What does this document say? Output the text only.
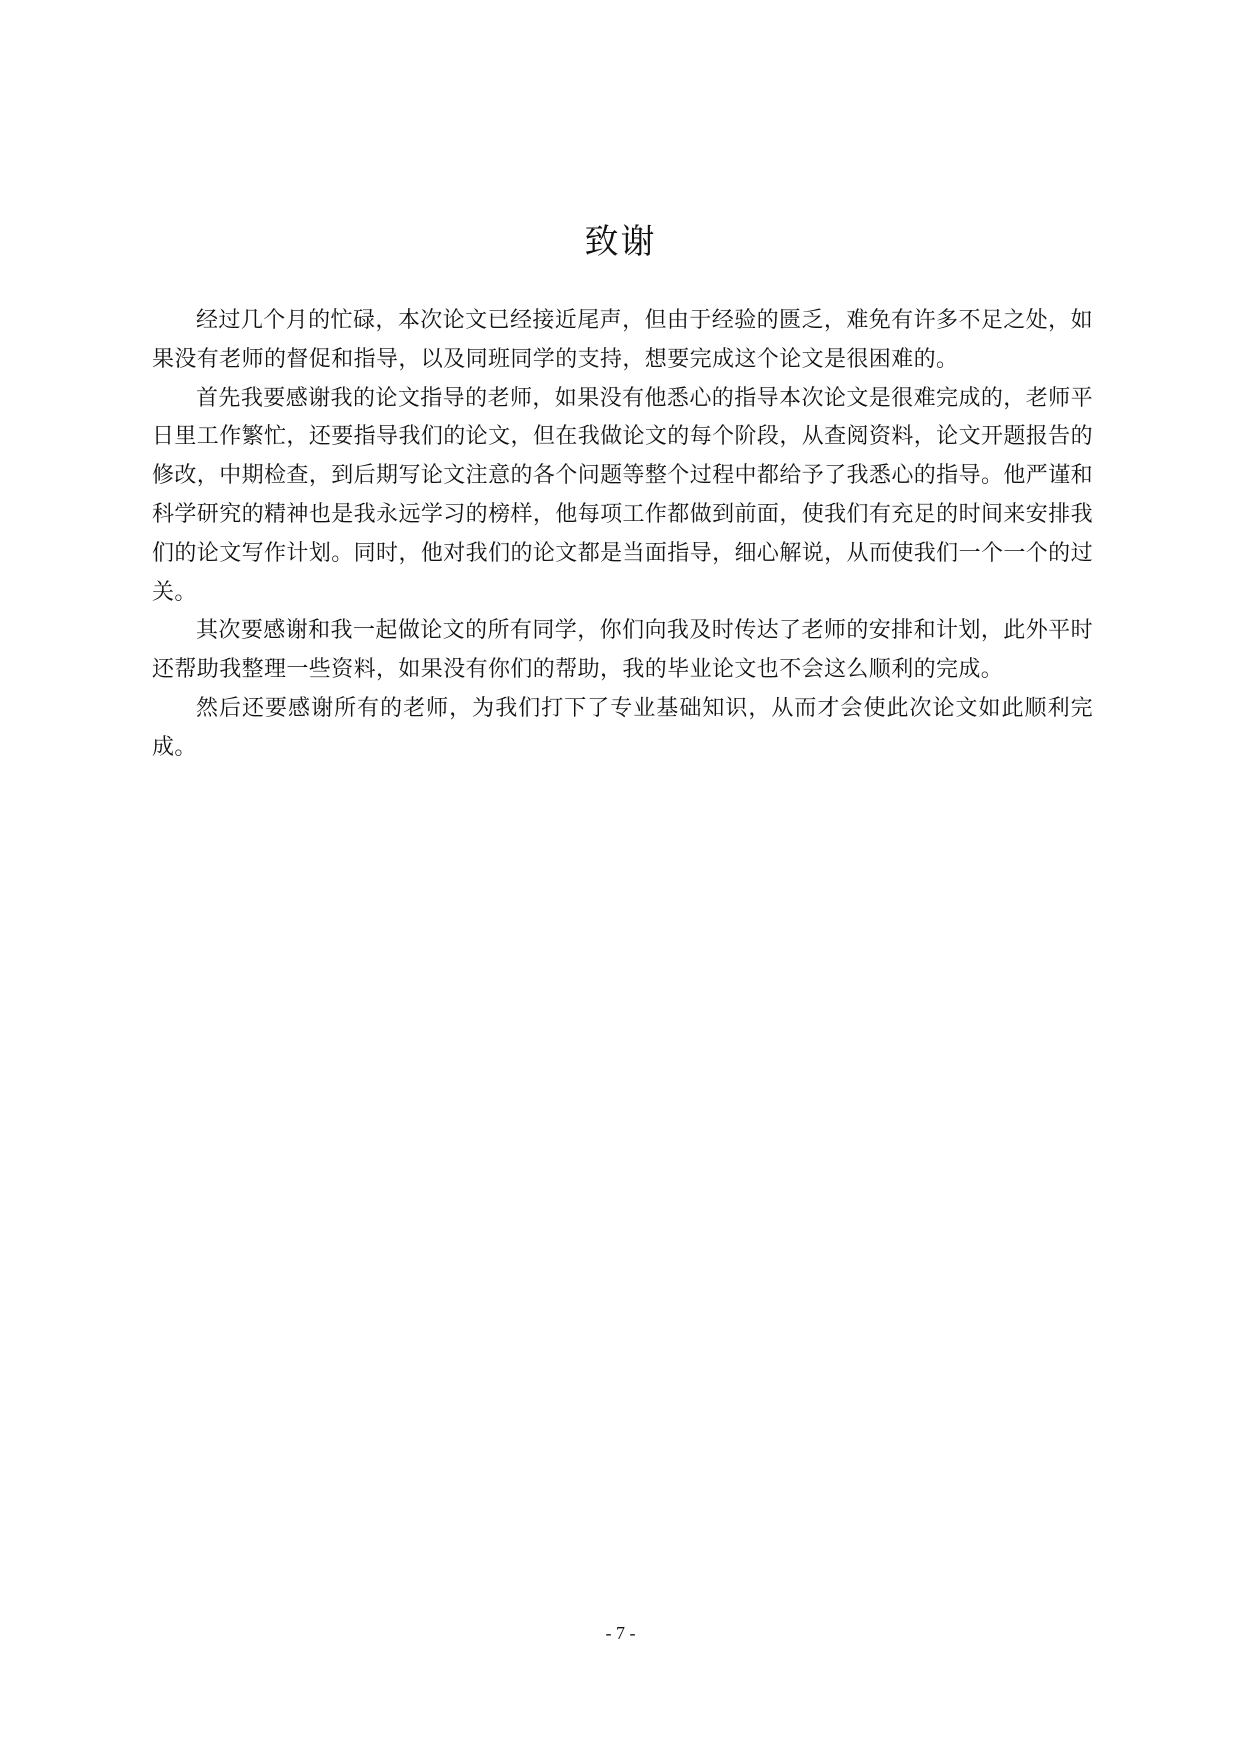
致谢

经过几个月的忙碌，本次论文已经接近尾声，但由于经验的匮乏，难免有许多不足之处，如果没有老师的督促和指导，以及同班同学的支持，想要完成这个论文是很困难的。

首先我要感谢我的论文指导的老师，如果没有他悉心的指导本次论文是很难完成的，老师平日里工作繁忙，还要指导我们的论文，但在我做论文的每个阶段，从查阅资料，论文开题报告的修改，中期检查，到后期写论文注意的各个问题等整个过程中都给予了我悉心的指导。他严谨和科学研究的精神也是我永远学习的榜样，他每项工作都做到前面，使我们有充足的时间来安排我们的论文写作计划。同时，他对我们的论文都是当面指导，细心解说，从而使我们一个一个的过关。

其次要感谢和我一起做论文的所有同学，你们向我及时传达了老师的安排和计划，此外平时还帮助我整理一些资料，如果没有你们的帮助，我的毕业论文也不会这么顺利的完成。

然后还要感谢所有的老师，为我们打下了专业基础知识，从而才会使此次论文如此顺利完成。

- 7 -
